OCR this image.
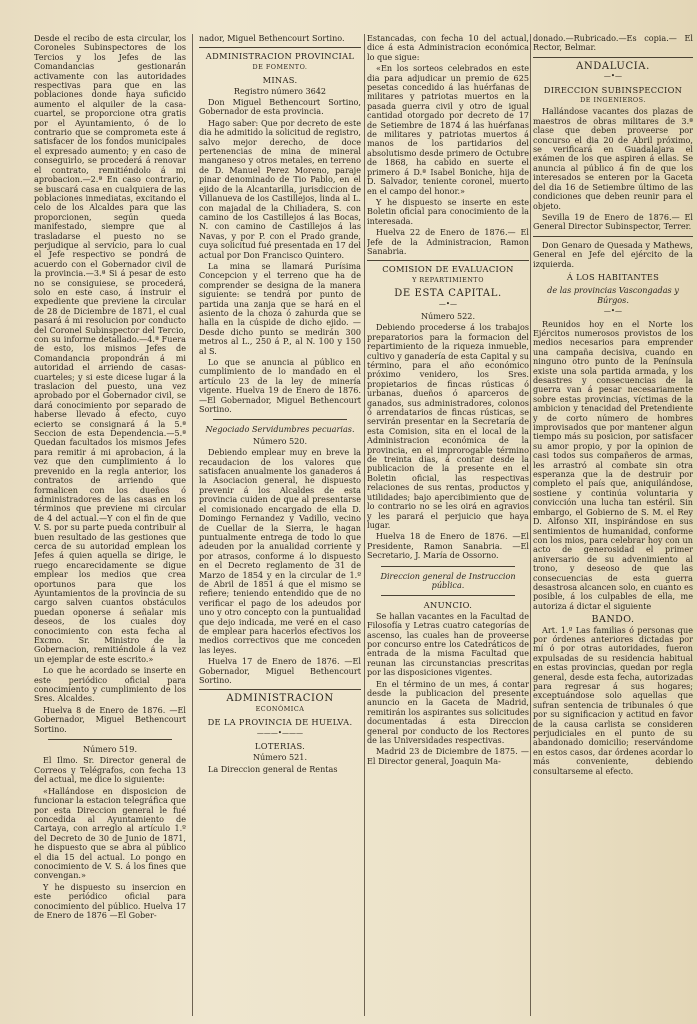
Desde el recibo de esta circular, los Coroneles Subinspectores de los Tercios y los Jefes de las Comandancias gestionarán activamente con las autoridades respectivas para que en las poblaciones donde haya suficido aumento el alquiler de la casa-cuartel, se proporcione otra gratis por el Ayuntamiento, ó de lo contrario que se comprometa este á satisfacer de los fondos municipales el expresado aumento; y en caso de conseguirlo, se procederá á renovar el contrato, remitiéndolo á mi aprobacion.—2.ª En caso contrario, se buscará casa en cualquiera de las poblaciones inmediatas, excitando el celo de los Alcaldes para que las proporcionen, según queda manifestado, siempre que al trasladarse el puesto no se perjudique al servicio, para lo cual el Jefe respectivo se pondrá de acuerdo con el Gobernador civil de la provincia.—3.ª Si á pesar de esto no se consiguiese, se procederá, solo en este caso, á instruir el expediente que previene la circular de 28 de Diciembre de 1871, el cual pasará á mi resolucion por conducto del Coronel Subinspector del Tercio, con su informe detallado.—4.ª Fuera de esto, los mismos Jefes de Comandancia propondrán á mi autoridad el arriendo de casas-cuarteles; y si este dicese lugar á la traslacion del puesto, una vez aprobado por el Gobernador civil, se dará conocimiento por separado de haberse llevado á efecto, cuyo ecierto se consignará á la 5.ª Seccion de esta Dependencia.—5.ª Quedan facultados los mismos Jefes para remitir á mi aprobacion, á la vez que den cumplimiento á lo prevenido en la regla anterior, los contratos de arriendo que formalicen con los dueños ó administradores de las casas en los términos que previene mi circular de 4 del actual.—Y con el fin de que V. S. por su parte pueda contribuir al buen resultado de las gestiones que cerca de su autoridad emplean los Jefes á quien aquella se dirige, le ruego encarecidamente se digue emplear los medios que crea oportunos para que los Ayuntamientos de la provincia de su cargo salven cuantos obstáculos puedan oponerse á señalar mis deseos, de los cuales doy conocimiento con esta fecha al Excmo. Sr. Ministro de la Gobernacion, remitiéndole á la vez un ejemplar de este escrito.»

Lo que he acordado se inserte en este periódico oficial para conocimiento y cumplimiento de los Sres. Alcaldes.

Huelva 8 de Enero de 1876. —El Gobernador, Miguel Bethencourt Sortino.

Número 519.

El Ilmo. Sr. Director general de Correos y Telégrafos, con fecha 13 del actual, me dice lo siguiente:

«Hallándose en disposicion de funcionar la estacion telegráfica que por esta Direccion general le fué concedida al Ayuntamiento de Cartaya, con arreglo al artículo 1.º del Decreto de 30 de Junio de 1871, he dispuesto que se abra al público el dia 15 del actual. Lo pongo en conocimiento de V. S. á los fines que convengan.»

Y he dispuesto su insercion en este periódico oficial para conocimiento del público. Huelva 17 de Enero de 1876 —El Gober-

nador, Miguel Bethencourt Sortino.

ADMINISTRACION PROVINCIAL

DE FOMENTO.

MINAS.

Registro número 3642

Don Miguel Bethencourt Sortino, Gobernador de esta provincia.

Hago saber: Que por decreto de este dia he admitido la solicitud de registro, salvo mejor derecho, de doce pertenencias de mina de mineral manganeso y otros metales, en terreno de D. Manuel Perez Moreno, paraje pinar denominado de Tio Pablo, en el ejido de la Alcantarilla, jurisdiccion de Villanueva de los Castillejos, linda al L. con majadal de la Chiliadera, S. con camino de los Castillejos á las Bocas, N. con camino de Castillejos á las Navas, y por P. con el Prado grande, cuya solicitud fué presentada en 17 del actual por Don Francisco Quintero.

La mina se llamará Purísima Concepcion y el terreno que ha de comprender se designa de la manera siguiente: se tendrá por punto de partida una zanja que se hará en el asiento de la choza ó zahurda que se halla en la cúspide de dicho ejido. — Desde dicho punto se medirán 300 metros al L., 250 á P., al N. 100 y 150 al S.

Lo que se anuncia al público en cumplimiento de lo mandado en el artículo 23 de la ley de minería vigente. Huelva 19 de Enero de 1876. —El Gobernador, Miguel Bethencourt Sortino.

Negociado Servidumbres pecuarias.

Número 520.

Debiendo emplear muy en breve la recaudacion de los valores que satisfacen anualmente los ganaderos á la Asociacion general, he dispuesto prevenir á los Alcaldes de esta provincia cuiden de que al presentarse el comisionado encargado de ella D. Domingo Fernandez y Vadillo, vecino de Cuellar de la Sierra, le hagan puntualmente entrega de todo lo que adeuden por la anualidad corriente y por atrasos, conforme á lo dispuesto en el Decreto reglamento de 31 de Marzo de 1854 y en la circular de 1.º de Abril de 1851 á que el mismo se refiere; teniendo entendido que de no verificar el pago de los adeudos por uno y otro concepto con la puntualidad que dejo indicada, me veré en el caso de emplear para hacerlos efectivos los medios correctivos que me conceden las leyes.

Huelva 17 de Enero de 1876. —El Gobernador, Miguel Bethencourt Sortino.

ADMINISTRACION

ECONÓMICA

DE LA PROVINCIA DE HUELVA.

———•———

LOTERIAS.

Número 521.

La Direccion general de Rentas

Estancadas, con fecha 10 del actual, dice á esta Administracion económica lo que sigue:

«En los sorteos celebrados en este dia para adjudicar un premio de 625 pesetas concedido á las huérfanas de militares y patriotas muertos en la pasada guerra civil y otro de igual cantidad otorgado por decreto de 17 de Setiembre de 1874 á las huérfanas de militares y patriotas muertos á manos de los partidarios del absolutismo desde primero de Octubre de 1868, ha cabido en suerte el primero á D.ª Isabel Boniche, hija de D. Salvador, teniente coronel, muerto en el campo del honor.»

Y he dispuesto se inserte en este Boletin oficial para conocimiento de la interesada.

Huelva 22 de Enero de 1876.— El Jefe de la Administracion, Ramon Sanabria.

COMISION DE EVALUACION

Y REPARTIMIENTO

DE ESTA CAPITAL.

—•—

Número 522.

Debiendo procederse á los trabajos preparatorios para la formacion del repartimiento de la riqueza inmueble, cultivo y ganadería de esta Capital y su término, para el año económico próximo venidero, los Sres. propietarios de fincas rústicas ó urbanas, dueños ó aparceros de ganados, sus administradores, colonos ó arrendatarios de fincas rústicas, se servirán presentar en la Secretaría de esta Comision, sita en el local de la Administracion económica de la provincia, en el improrogable término de treinta dias, á contar desde la publicacion de la presente en el Boletin oficial, las respectivas relaciones de sus rentas, productos y utilidades; bajo apercibimiento que de lo contrario no se les oirá en agravios y les parará el perjuicio que haya lugar.

Huelva 18 de Enero de 1876. —El Presidente, Ramon Sanabria. —El Secretario, J. María de Ossorno.

Direccion general de Instruccion pública.

ANUNCIO.

Se hallan vacantes en la Facultad de Filosofía y Letras cuatro categorías de ascenso, las cuales han de proveerse por concurso entre los Catedráticos de entrada de la misma Facultad que reunan las circunstancias prescritas por las disposiciones vigentes.

En el término de un mes, á contar desde la publicacion del presente anuncio en la Gaceta de Madrid, remitirán los aspirantes sus solicitudes documentadas á esta Direccion general por conducto de los Rectores de las Universidades respectivas.

Madrid 23 de Diciembre de 1875. —El Director general, Joaquin Ma-

donado.—Rubricado.—Es copia.— El Rector, Belmar.

ANDALUCIA.

—•—

DIRECCION SUBINSPECCION

DE INGENIEROS.

Hallándose vacantes dos plazas de maestros de obras militares de 3.ª clase que deben proveerse por concurso el dia 20 de Abril próximo, se verificará en Guadalajara el exámen de los que aspiren á ellas. Se anuncia al público á fin de que los interesados se enteren por la Gaceta del dia 16 de Setiembre último de las condiciones que deben reunir para el objeto.

Sevilla 19 de Enero de 1876.— El General Director Subinspector, Terrer.

Don Genaro de Quesada y Mathews, General en Jefe del ejército de la izquierda.

Á LOS HABITANTES

de las provincias Vascongadas y Búrgos.

—•—

Reunidos hoy en el Norte los Ejércitos numerosos provistos de los medios necesarios para emprender una campaña decisiva, cuando en ninguno otro punto de la Península existe una sola partida armada, y los desastres y consecuencias de la guerra van á pesar necesariamente sobre estas provincias, víctimas de la ambicion y tenacidad del Pretendiente y de corto número de hombres improvisados que por mantener algun tiempo más su posicion, por satisfacer su amor propio, y por la opinion de casi todos sus compañeros de armas, les arrastró al combate sin otra esperanza que la de destruir por completo el país que, aniquilándose, sostiene y continúa voluntaria y convicción una lucha tan estéril. Sin embargo, el Gobierno de S. M. el Rey D. Alfonso XII, inspirándose en sus sentimientos de humanidad, conforme con los mios, para celebrar hoy con un acto de generosidad el primer aniversario de su advenimiento al trono, y deseoso de que las consecuencias de esta guerra desastrosa alcancen solo, en cuanto es posible, á los culpables de ella, me autoriza á dictar el siguiente

BANDO.

Art. 1.º Las familias ó personas que por órdenes anteriores dictadas por mí ó por otras autoridades, fueron expulsadas de su residencia habitual en estas provincias, quedan por regla general, desde esta fecha, autorizadas para regresar á sus hogares; exceptuándose solo aquellas que sufran sentencia de tribunales ó que por su significacion y actitud en favor de la causa carlista se consideren perjudiciales en el punto de su abandonado domicilio; reservándome en estos casos, dar órdenes acordar lo más conveniente, debiendo consultarseme al efecto.
